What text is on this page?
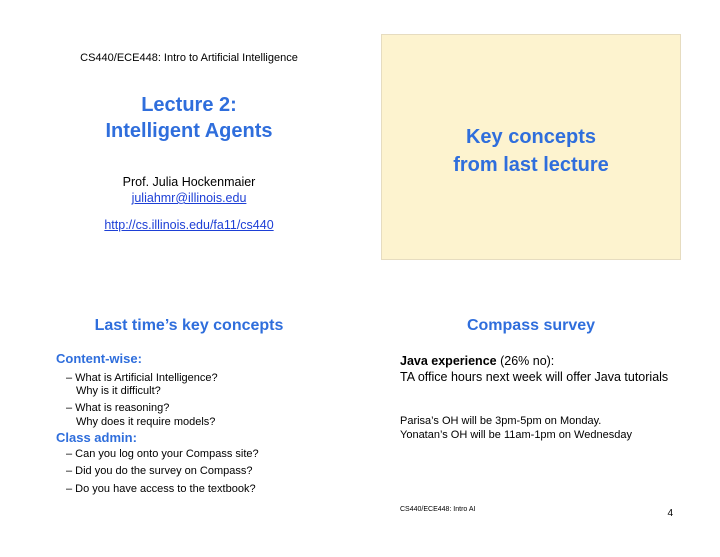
CS440/ECE448: Intro to Artificial Intelligence
Lecture 2:
Intelligent Agents
Prof. Julia Hockenmaier
juliahmr@illinois.edu
http://cs.illinois.edu/fa11/cs440
Key concepts
from last lecture
Last time’s key concepts
Content-wise:
– What is Artificial Intelligence?
Why is it difficult?
– What is reasoning?
Why does it require models?
Class admin:
– Can you log onto your Compass site?
– Did you do the survey on Compass?
– Do you have access to the textbook?
Compass survey
Java experience (26% no):
TA office hours next week will offer Java tutorials
Parisa’s OH will be 3pm-5pm on Monday.
Yonatan’s OH will be 11am-1pm on Wednesday
CS440/ECE448: Intro AI	4
